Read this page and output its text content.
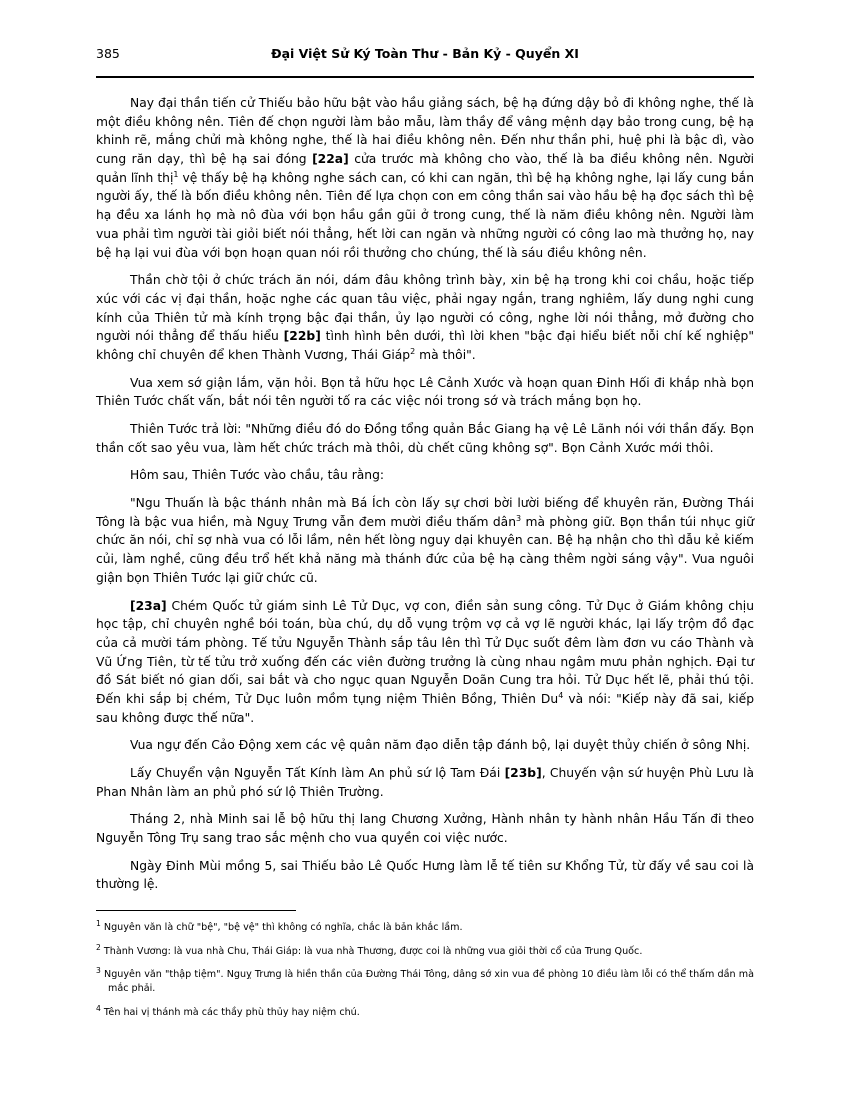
385	Đại Việt Sử Ký Toàn Thư - Bản Kỷ - Quyển XI

Nay đại thần tiến cử Thiếu bảo hữu bật vào hầu giảng sách, bệ hạ đứng dậy bỏ đi không nghe, thế là một điều không nên. Tiên đế chọn người làm bảo mẫu, làm thầy để vâng mệnh dạy bảo trong cung, bệ hạ khinh rẽ, mắng chửi mà không nghe, thế là hai điều không nên. Đến như thần phi, huệ phi là bậc dì, vào cung răn dạy, thì bệ hạ sai đóng [22a] cửa trước mà không cho vào, thế là ba điều không nên. Người quản lĩnh thị$^1$ vệ thấy bệ hạ không nghe sách can, có khi can ngăn, thì bệ hạ không nghe, lại lấy cung bắn người ấy, thế là bốn điều không nên. Tiên đế lựa chọn con em công thần sai vào hầu bệ hạ đọc sách thì bệ hạ đều xa lánh họ mà nô đùa với bọn hầu gần gũi ở trong cung, thế là năm điều không nên. Người làm vua phải tìm người tài giỏi biết nói thẳng, hết lời can ngăn và những người có công lao mà thưởng họ, nay bệ hạ lại vui đùa với bọn hoạn quan nói rồi thưởng cho chúng, thế là sáu điều không nên.

Thần chờ tội ở chức trách ăn nói, dám đâu không trình bày, xin bệ hạ trong khi coi chầu, hoặc tiếp xúc với các vị đại thần, hoặc nghe các quan tâu việc, phải ngay ngắn, trang nghiêm, lấy dung nghi cung kính của Thiên tử mà kính trọng bậc đại thần, ủy lạo người có công, nghe lời nói thẳng, mở đường cho người nói thẳng để thấu hiểu [22b] tình hình bên dưới, thì lời khen "bậc đại hiểu biết nỗi chí kế nghiệp" không chỉ chuyên để khen Thành Vương, Thái Giáp$^2$ mà thôi".

Vua xem sớ giận lắm, vặn hỏi. Bọn tả hữu học Lê Cảnh Xước và hoạn quan Đinh Hối đi khắp nhà bọn Thiên Tước chất vấn, bắt nói tên người tố ra các việc nói trong sớ và trách mắng bọn họ.

Thiên Tước trả lời: "Những điều đó do Đồng tổng quản Bắc Giang hạ vệ Lê Lãnh nói với thần đấy. Bọn thần cốt sao yêu vua, làm hết chức trách mà thôi, dù chết cũng không sợ". Bọn Cảnh Xước mới thôi.

Hôm sau, Thiên Tước vào chầu, tâu rằng:

"Ngu Thuấn là bậc thánh nhân mà Bá Ích còn lấy sự chơi bời lười biếng để khuyên răn, Đường Thái Tông là bậc vua hiền, mà Nguỵ Trưng vẫn đem mười điều thấm dân$^3$ mà phòng giữ. Bọn thần túi nhục giữ chức ăn nói, chỉ sợ nhà vua có lỗi lầm, nên hết lòng nguy dại khuyên can. Bệ hạ nhận cho thì dẫu kẻ kiếm củi, làm nghề, cũng đều trổ hết khả năng mà thánh đức của bệ hạ càng thêm ngời sáng vậy". Vua nguôi giận bọn Thiên Tước lại giữ chức cũ.

[23a] Chém Quốc tử giám sinh Lê Tử Dục, vợ con, điền sản sung công. Tử Dục ở Giám không chịu học tập, chỉ chuyên nghề bói toán, bùa chú, dụ dỗ vụng trộm vợ cả vợ lẽ người khác, lại lấy trộm đồ đạc của cả mười tám phòng. Tế tửu Nguyễn Thành sắp tâu lên thì Tử Dục suốt đêm làm đơn vu cáo Thành và Vũ Ứng Tiên, từ tế tửu trở xuống đến các viên đường trưởng là cùng nhau ngâm mưu phản nghịch. Đại tư đồ Sát biết nó gian dối, sai bắt và cho ngục quan Nguyễn Doãn Cung tra hỏi. Tử Dục hết lẽ, phải thú tội. Đến khi sắp bị chém, Tử Dục luôn mồm tụng niệm Thiên Bồng, Thiên Du$^4$ và nói: "Kiếp này đã sai, kiếp sau không được thế nữa".

Vua ngự đến Cảo Động xem các vệ quân năm đạo diễn tập đánh bộ, lại duyệt thủy chiến ở sông Nhị.

Lấy Chuyển vận Nguyễn Tất Kính làm An phủ sứ lộ Tam Đái [23b], Chuyến vận sứ huyện Phù Lưu là Phan Nhân làm an phủ phó sứ lộ Thiên Trường.

Tháng 2, nhà Minh sai lễ bộ hữu thị lang Chương Xưởng, Hành nhân ty hành nhân Hầu Tấn đi theo Nguyễn Tông Trụ sang trao sắc mệnh cho vua quyền coi việc nước.

Ngày Đinh Mùi mồng 5, sai Thiếu bảo Lê Quốc Hưng làm lễ tế tiên sư Khổng Tử, từ đấy về sau coi là thường lệ.

$^1$ Nguyên văn là chữ "bệ", "bệ vệ" thì không có nghĩa, chắc là bản khắc lầm.

$^2$ Thành Vương: là vua nhà Chu, Thái Giáp: là vua nhà Thương, được coi là những vua giỏi thời cổ của Trung Quốc.

$^3$ Nguyên văn "thập tiệm". Nguỵ Trưng là hiền thần của Đường Thái Tông, dâng sớ xin vua đề phòng 10 điều làm lỗi có thể thấm dần mà mắc phải.

$^4$ Tên hai vị thánh mà các thầy phù thủy hay niệm chú.
